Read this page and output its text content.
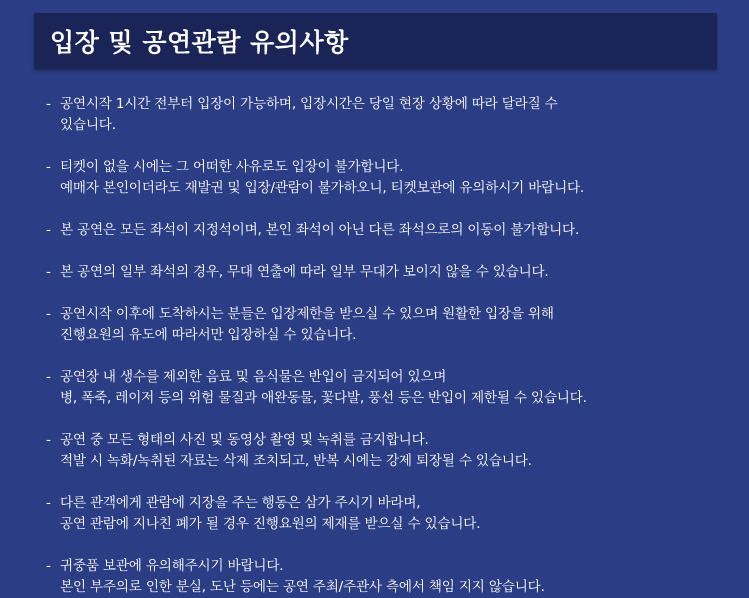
입장 및 공연관람 유의사항
- 공연시작 1시간 전부터 입장이 가능하며, 입장시간은 당일 현장 상황에 따라 달라질 수
있습니다.
- 티켓이 없을 시에는 그 어떠한 사유로도 입장이 불가합니다.
예매자 본인이더라도 재발권 및 입장/관람이 불가하오니, 티켓보관에 유의하시기 바랍니다.
- 본 공연은 모든 좌석이 지정석이며, 본인 좌석이 아닌 다른 좌석으로의 이동이 불가합니다.
- 본 공연의 일부 좌석의 경우, 무대 연출에 따라 일부 무대가 보이지 않을 수 있습니다.
- 공연시작 이후에 도착하시는 분들은 입장제한을 받으실 수 있으며 원활한 입장을 위해
진행요원의 유도에 따라서만 입장하실 수 있습니다.
- 공연장 내 생수를 제외한 음료 및 음식물은 반입이 금지되어 있으며
병, 폭죽, 레이저 등의 위험 물질과 애완동물, 꽃다발, 풍선 등은 반입이 제한될 수 있습니다.
- 공연 중 모든 형태의 사진 및 동영상 촬영 및 녹취를 금지합니다.
적발 시 녹화/녹취된 자료는 삭제 조치되고, 반복 시에는 강제 퇴장될 수 있습니다.
- 다른 관객에게 관람에 지장을 주는 행동은 삼가 주시기 바라며,
공연 관람에 지나친 폐가 될 경우 진행요원의 제재를 받으실 수 있습니다.
- 귀중품 보관에 유의해주시기 바랍니다.
본인 부주의로 인한 분실, 도난 등에는 공연 주최/주관사 측에서 책임 지지 않습니다.
